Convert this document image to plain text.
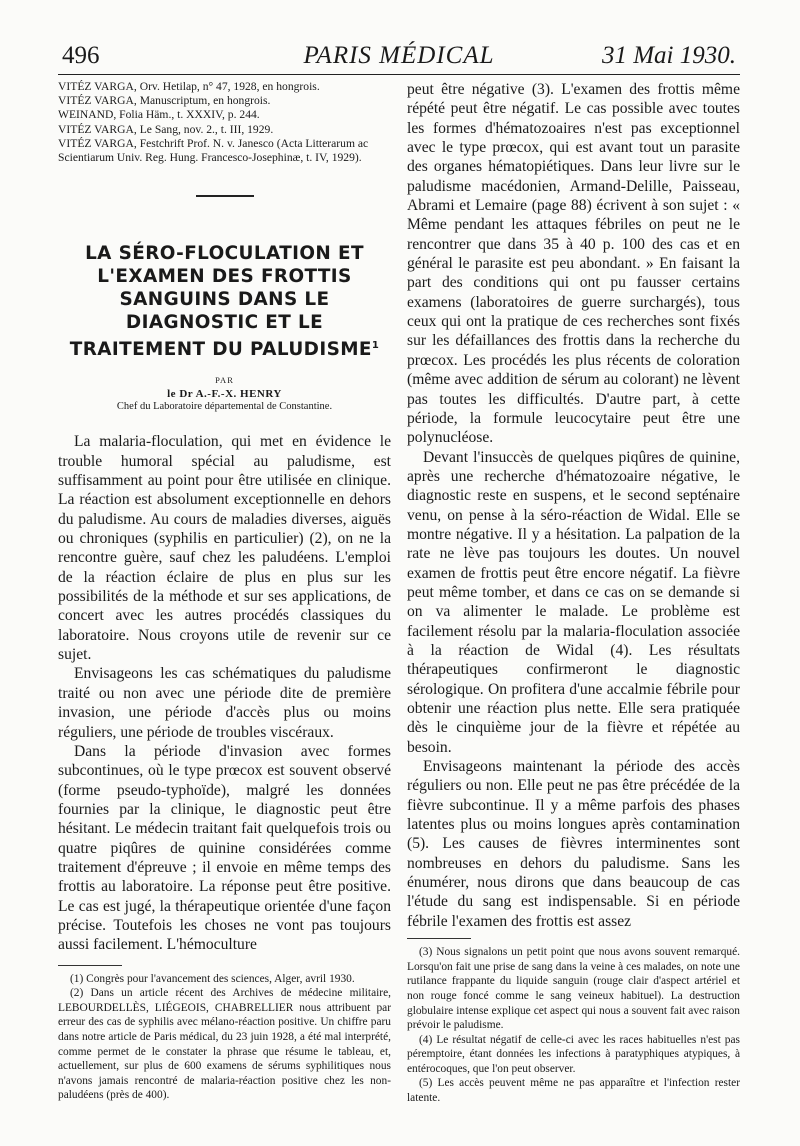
496	PARIS MÉDICAL	31 Mai 1930.
VITÉZ VARGA, Orv. Hetilap, n° 47, 1928, en hongrois.
VITÉZ VARGA, Manuscriptum, en hongrois.
WEINAND, Folia Häm., t. XXXIV, p. 244.
VITÉZ VARGA, Le Sang, nov. 2., t. III, 1929.
VITÉZ VARGA, Festchrift Prof. N. v. Janesco (Acta Litterarum ac Scientiarum Univ. Reg. Hung. Francesco-Josephinæ, t. IV, 1929).
LA SÉRO-FLOCULATION ET
L'EXAMEN DES FROTTIS
SANGUINS DANS LE
DIAGNOSTIC ET LE
TRAITEMENT DU PALUDISME$^1$
PAR
le Dr A.-F.-X. HENRY
Chef du Laboratoire départemental de Constantine.

La malaria-floculation, qui met en évidence le trouble humoral spécial au paludisme, est suffisamment au point pour être utilisée en clinique. La réaction est absolument exceptionnelle en dehors du paludisme. Au cours de maladies diverses, aiguës ou chroniques (syphilis en particulier) (2), on ne la rencontre guère, sauf chez les paludéens. L'emploi de la réaction éclaire de plus en plus sur les possibilités de la méthode et sur ses applications, de concert avec les autres procédés classiques du laboratoire. Nous croyons utile de revenir sur ce sujet.

Envisageons les cas schématiques du paludisme traité ou non avec une période dite de première invasion, une période d'accès plus ou moins réguliers, une période de troubles viscéraux.

Dans la période d'invasion avec formes subcontinues, où le type prœcox est souvent observé (forme pseudo-typhoïde), malgré les données fournies par la clinique, le diagnostic peut être hésitant. Le médecin traitant fait quelquefois trois ou quatre piqûres de quinine considérées comme traitement d'épreuve ; il envoie en même temps des frottis au laboratoire. La réponse peut être positive. Le cas est jugé, la thérapeutique orientée d'une façon précise. Toutefois les choses ne vont pas toujours aussi facilement. L'hémoculture

(1) Congrès pour l'avancement des sciences, Alger, avril 1930.

(2) Dans un article récent des Archives de médecine militaire, LEBOURDELLÈS, LIÉGEOIS, CHABRELLIER nous attribuent par erreur des cas de syphilis avec mélano-réaction positive. Un chiffre paru dans notre article de Paris médical, du 23 juin 1928, a été mal interprété, comme permet de le constater la phrase que résume le tableau, et, actuellement, sur plus de 600 examens de sérums syphilitiques nous n'avons jamais rencontré de malaria-réaction positive chez les non-paludéens (près de 400).

peut être négative (3). L'examen des frottis même répété peut être négatif. Le cas possible avec toutes les formes d'hématozoaires n'est pas exceptionnel avec le type prœcox, qui est avant tout un parasite des organes hématopiétiques. Dans leur livre sur le paludisme macédonien, Armand-Delille, Paisseau, Abrami et Lemaire (page 88) écrivent à son sujet : « Même pendant les attaques fébriles on peut ne le rencontrer que dans 35 à 40 p. 100 des cas et en général le parasite est peu abondant. » En faisant la part des conditions qui ont pu fausser certains examens (laboratoires de guerre surchargés), tous ceux qui ont la pratique de ces recherches sont fixés sur les défaillances des frottis dans la recherche du prœcox. Les procédés les plus récents de coloration (même avec addition de sérum au colorant) ne lèvent pas toutes les difficultés. D'autre part, à cette période, la formule leucocytaire peut être une polynucléose.

Devant l'insuccès de quelques piqûres de quinine, après une recherche d'hématozoaire négative, le diagnostic reste en suspens, et le second septénaire venu, on pense à la séro-réaction de Widal. Elle se montre négative. Il y a hésitation. La palpation de la rate ne lève pas toujours les doutes. Un nouvel examen de frottis peut être encore négatif. La fièvre peut même tomber, et dans ce cas on se demande si on va alimenter le malade. Le problème est facilement résolu par la malaria-floculation associée à la réaction de Widal (4). Les résultats thérapeutiques confirmeront le diagnostic sérologique. On profitera d'une accalmie fébrile pour obtenir une réaction plus nette. Elle sera pratiquée dès le cinquième jour de la fièvre et répétée au besoin.

Envisageons maintenant la période des accès réguliers ou non. Elle peut ne pas être précédée de la fièvre subcontinue. Il y a même parfois des phases latentes plus ou moins longues après contamination (5). Les causes de fièvres interminentes sont nombreuses en dehors du paludisme. Sans les énumérer, nous dirons que dans beaucoup de cas l'étude du sang est indispensable. Si en période fébrile l'examen des frottis est assez

(3) Nous signalons un petit point que nous avons souvent remarqué. Lorsqu'on fait une prise de sang dans la veine à ces malades, on note une rutilance frappante du liquide sanguin (rouge clair d'aspect artériel et non rouge foncé comme le sang veineux habituel). La destruction globulaire intense explique cet aspect qui nous a souvent fait avec raison prévoir le paludisme.

(4) Le résultat négatif de celle-ci avec les races habituelles n'est pas péremptoire, étant données les infections à paratyphiques atypiques, à entérocoques, que l'on peut observer.

(5) Les accès peuvent même ne pas apparaître et l'infection rester latente.
